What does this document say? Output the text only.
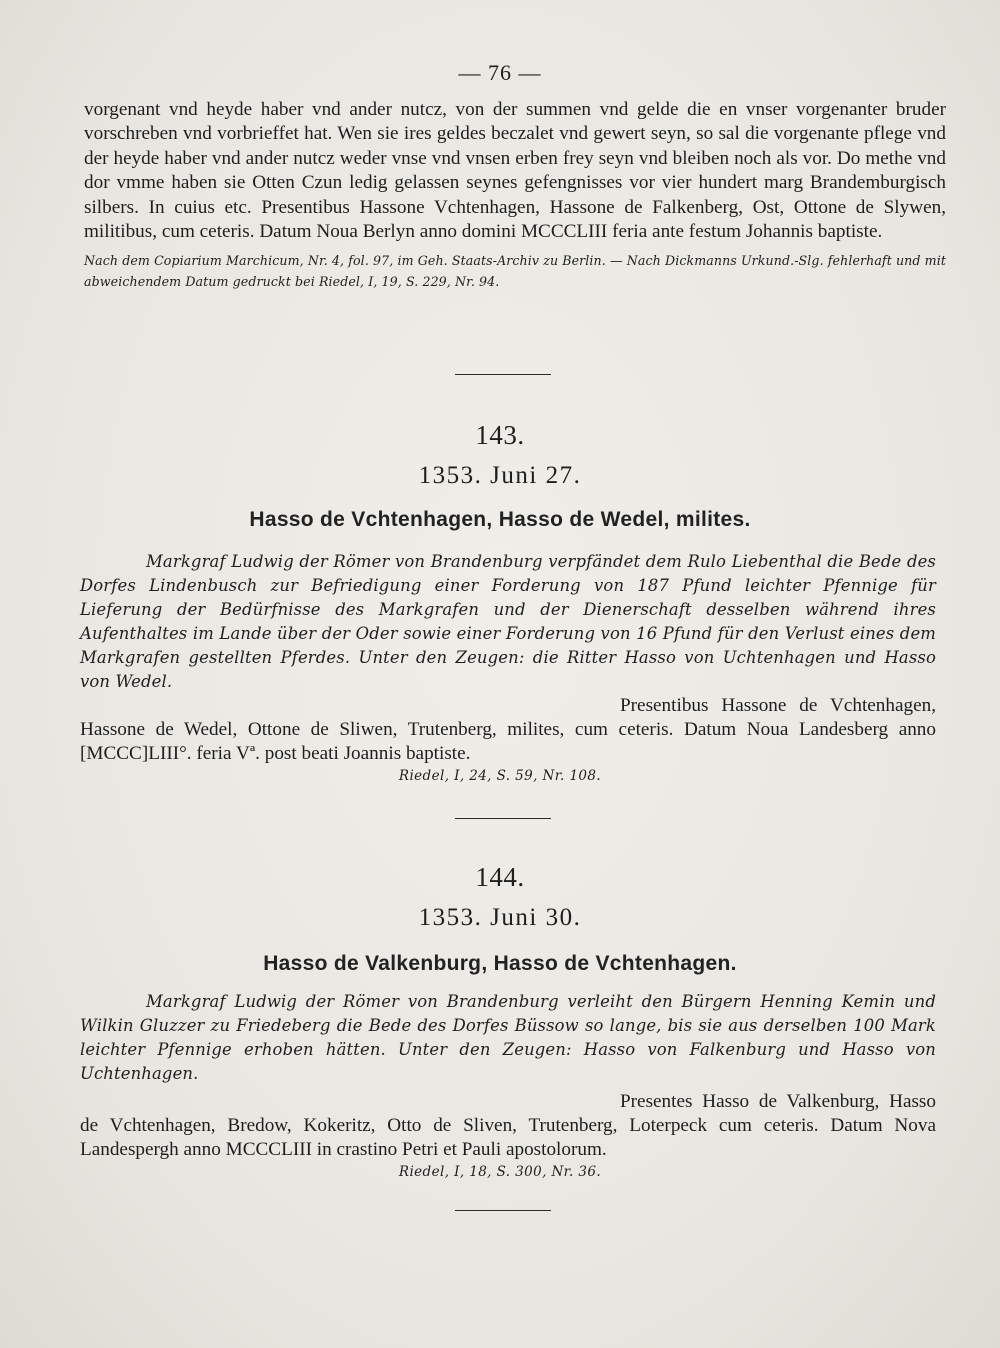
— 76 —

vorgenant vnd heyde haber vnd ander nutcz, von der summen vnd gelde die en vnser vorgenanter bruder vorschreben vnd vorbrieffet hat. Wen sie ires geldes beczalet vnd gewert seyn, so sal die vorgenante pflege vnd der heyde haber vnd ander nutcz weder vnse vnd vnsen erben frey seyn vnd bleiben noch als vor. Do methe vnd dor vmme haben sie Otten Czun ledig gelassen seynes gefengnisses vor vier hundert marg Brandemburgisch silbers. In cuius etc. Presentibus Hassone Vchtenhagen, Hassone de Falkenberg, Ost, Ottone de Slywen, militibus, cum ceteris. Datum Noua Berlyn anno domini MCCCLIII feria ante festum Johannis baptiste.

Nach dem Copiarium Marchicum, Nr. 4, fol. 97, im Geh. Staats-Archiv zu Berlin. — Nach Dickmanns Urkund.-Slg. fehlerhaft und mit abweichendem Datum gedruckt bei Riedel, I, 19, S. 229, Nr. 94.

143.
1353. Juni 27.
Hasso de Vchtenhagen, Hasso de Wedel, milites.

Markgraf Ludwig der Römer von Brandenburg verpfändet dem Rulo Liebenthal die Bede des Dorfes Lindenbusch zur Befriedigung einer Forderung von 187 Pfund leichter Pfennige für Lieferung der Bedürfnisse des Markgrafen und der Dienerschaft desselben während ihres Aufenthaltes im Lande über der Oder sowie einer Forderung von 16 Pfund für den Verlust eines dem Markgrafen gestellten Pferdes. Unter den Zeugen: die Ritter Hasso von Uchtenhagen und Hasso von Wedel.

Presentibus Hassone de Vchtenhagen, Hassone de Wedel, Ottone de Sliwen, Trutenberg, milites, cum ceteris. Datum Noua Landesberg anno [MCCC]LIII°. feria Vª. post beati Joannis baptiste.

Riedel, I, 24, S. 59, Nr. 108.
144.
1353. Juni 30.
Hasso de Valkenburg, Hasso de Vchtenhagen.

Markgraf Ludwig der Römer von Brandenburg verleiht den Bürgern Henning Kemin und Wilkin Gluzzer zu Friedeberg die Bede des Dorfes Büssow so lange, bis sie aus derselben 100 Mark leichter Pfennige erhoben hätten. Unter den Zeugen: Hasso von Falkenburg und Hasso von Uchtenhagen.

Presentes Hasso de Valkenburg, Hasso de Vchtenhagen, Bredow, Kokeritz, Otto de Sliven, Trutenberg, Loterpeck cum ceteris. Datum Nova Landespergh anno MCCCLIII in crastino Petri et Pauli apostolorum.

Riedel, I, 18, S. 300, Nr. 36.
